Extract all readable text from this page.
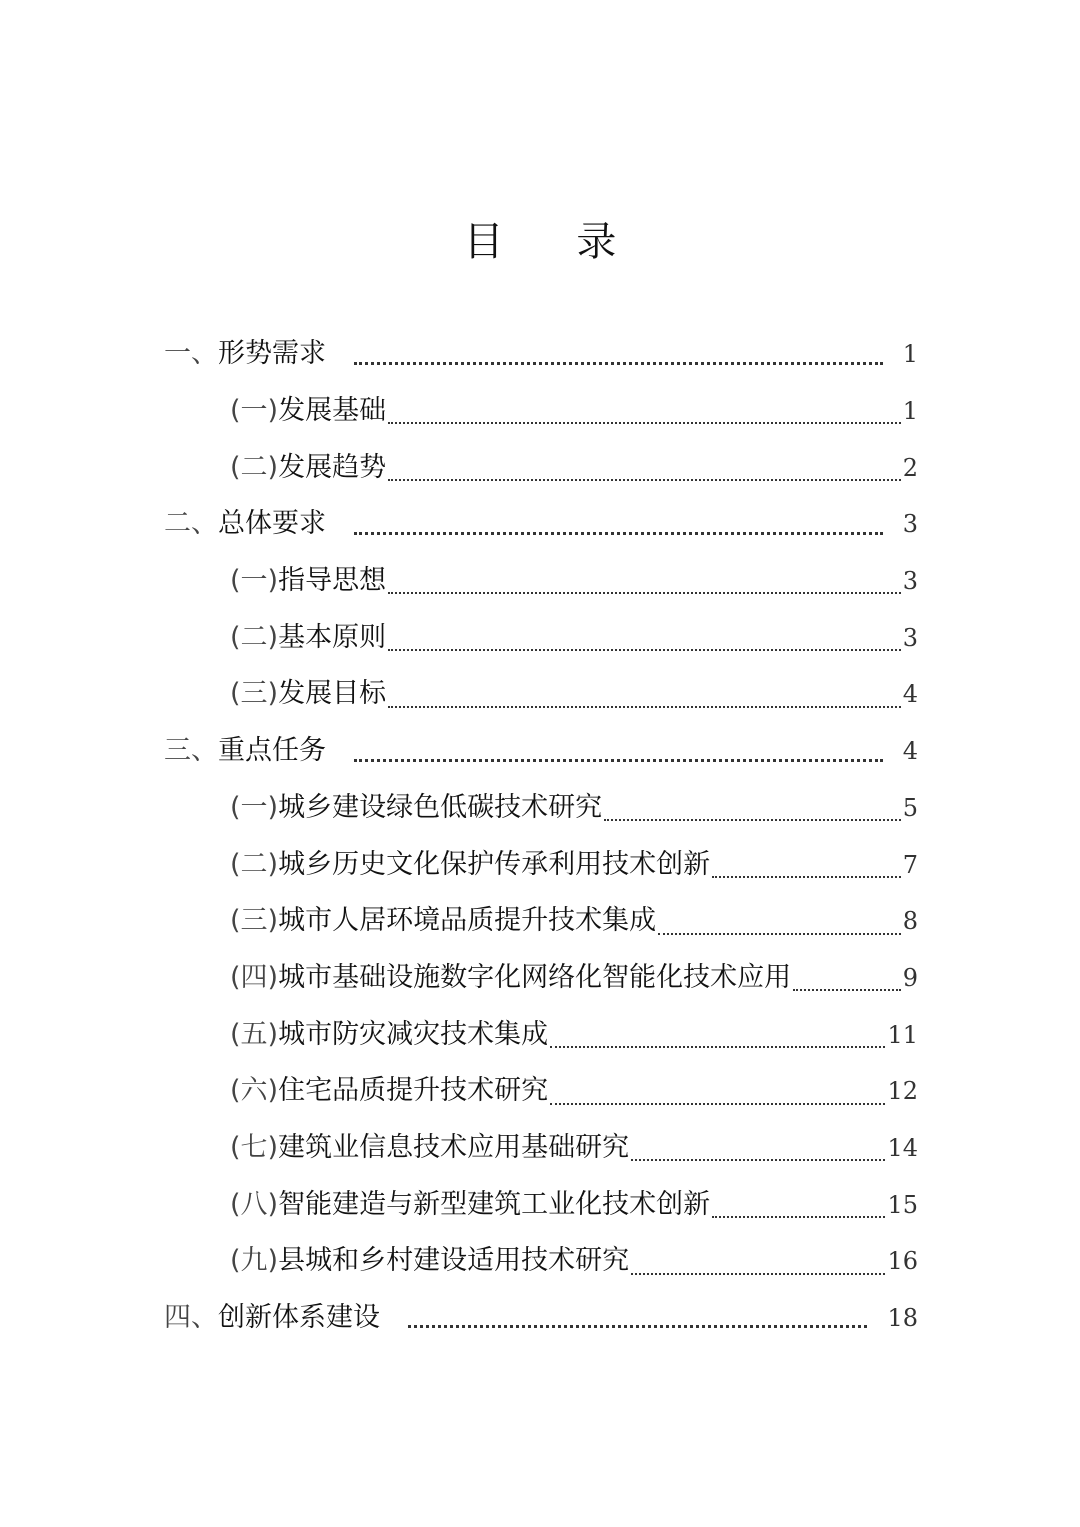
目 录
一、形势需求	1
(一)发展基础	1
(二)发展趋势	2
二、总体要求	3
(一)指导思想	3
(二)基本原则	3
(三)发展目标	4
三、重点任务	4
(一)城乡建设绿色低碳技术研究	5
(二)城乡历史文化保护传承利用技术创新	7
(三)城市人居环境品质提升技术集成	8
(四)城市基础设施数字化网络化智能化技术应用	9
(五)城市防灾减灾技术集成	11
(六)住宅品质提升技术研究	12
(七)建筑业信息技术应用基础研究	14
(八)智能建造与新型建筑工业化技术创新	15
(九)县城和乡村建设适用技术研究	16
四、创新体系建设	18
